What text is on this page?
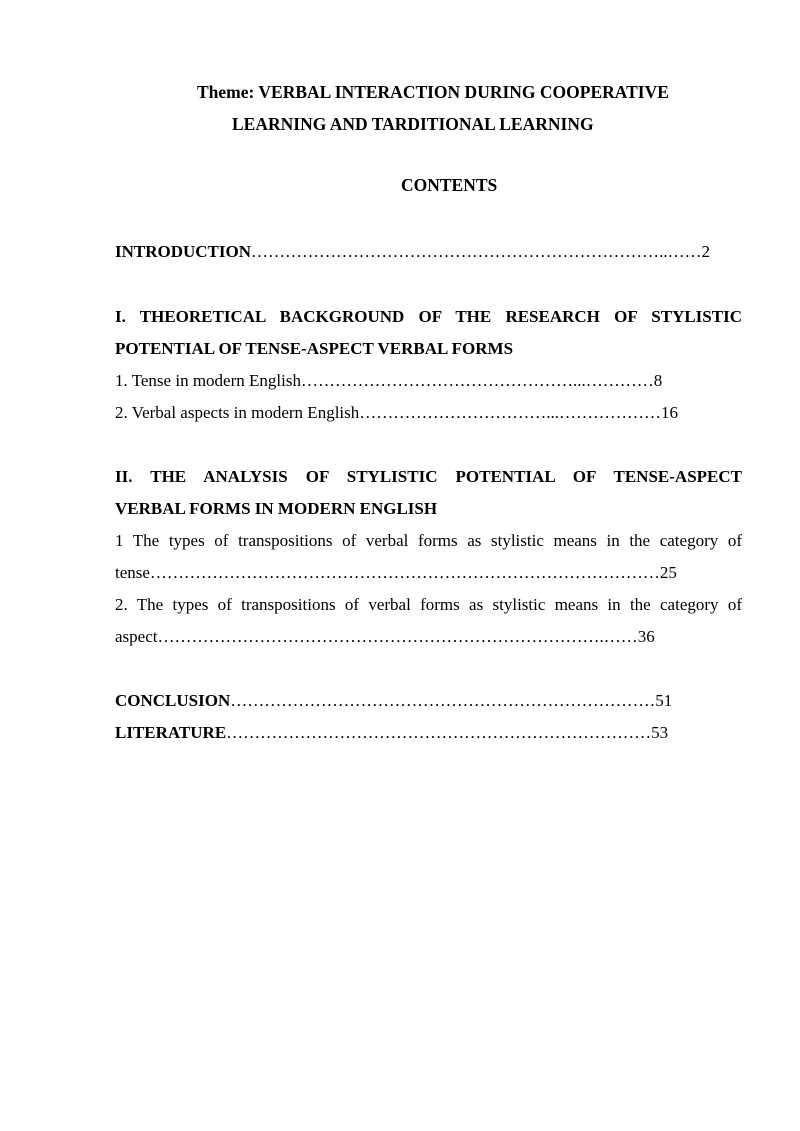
Theme: VERBAL INTERACTION DURING COOPERATIVE
LEARNING AND TARDITIONAL LEARNING
CONTENTS
INTRODUCTION………………………………………………………………..……2
I. THEORETICAL BACKGROUND OF THE RESEARCH OF STYLISTIC
POTENTIAL OF TENSE-ASPECT VERBAL FORMS
1. Tense in modern English…………………………………………...…………8
2. Verbal aspects in modern English……………………………...………………16
II. THE ANALYSIS OF STYLISTIC POTENTIAL OF TENSE-ASPECT
VERBAL FORMS IN MODERN ENGLISH
1 The types of transpositions of verbal forms as stylistic means in the category of
tense………………………………………………………………………………25
2. The types of transpositions of verbal forms as stylistic means in the category of
aspect…………………………………………………………………….……36
CONCLUSION…………………………………………………………………51
LITERATURE…………………………………………………………………53
